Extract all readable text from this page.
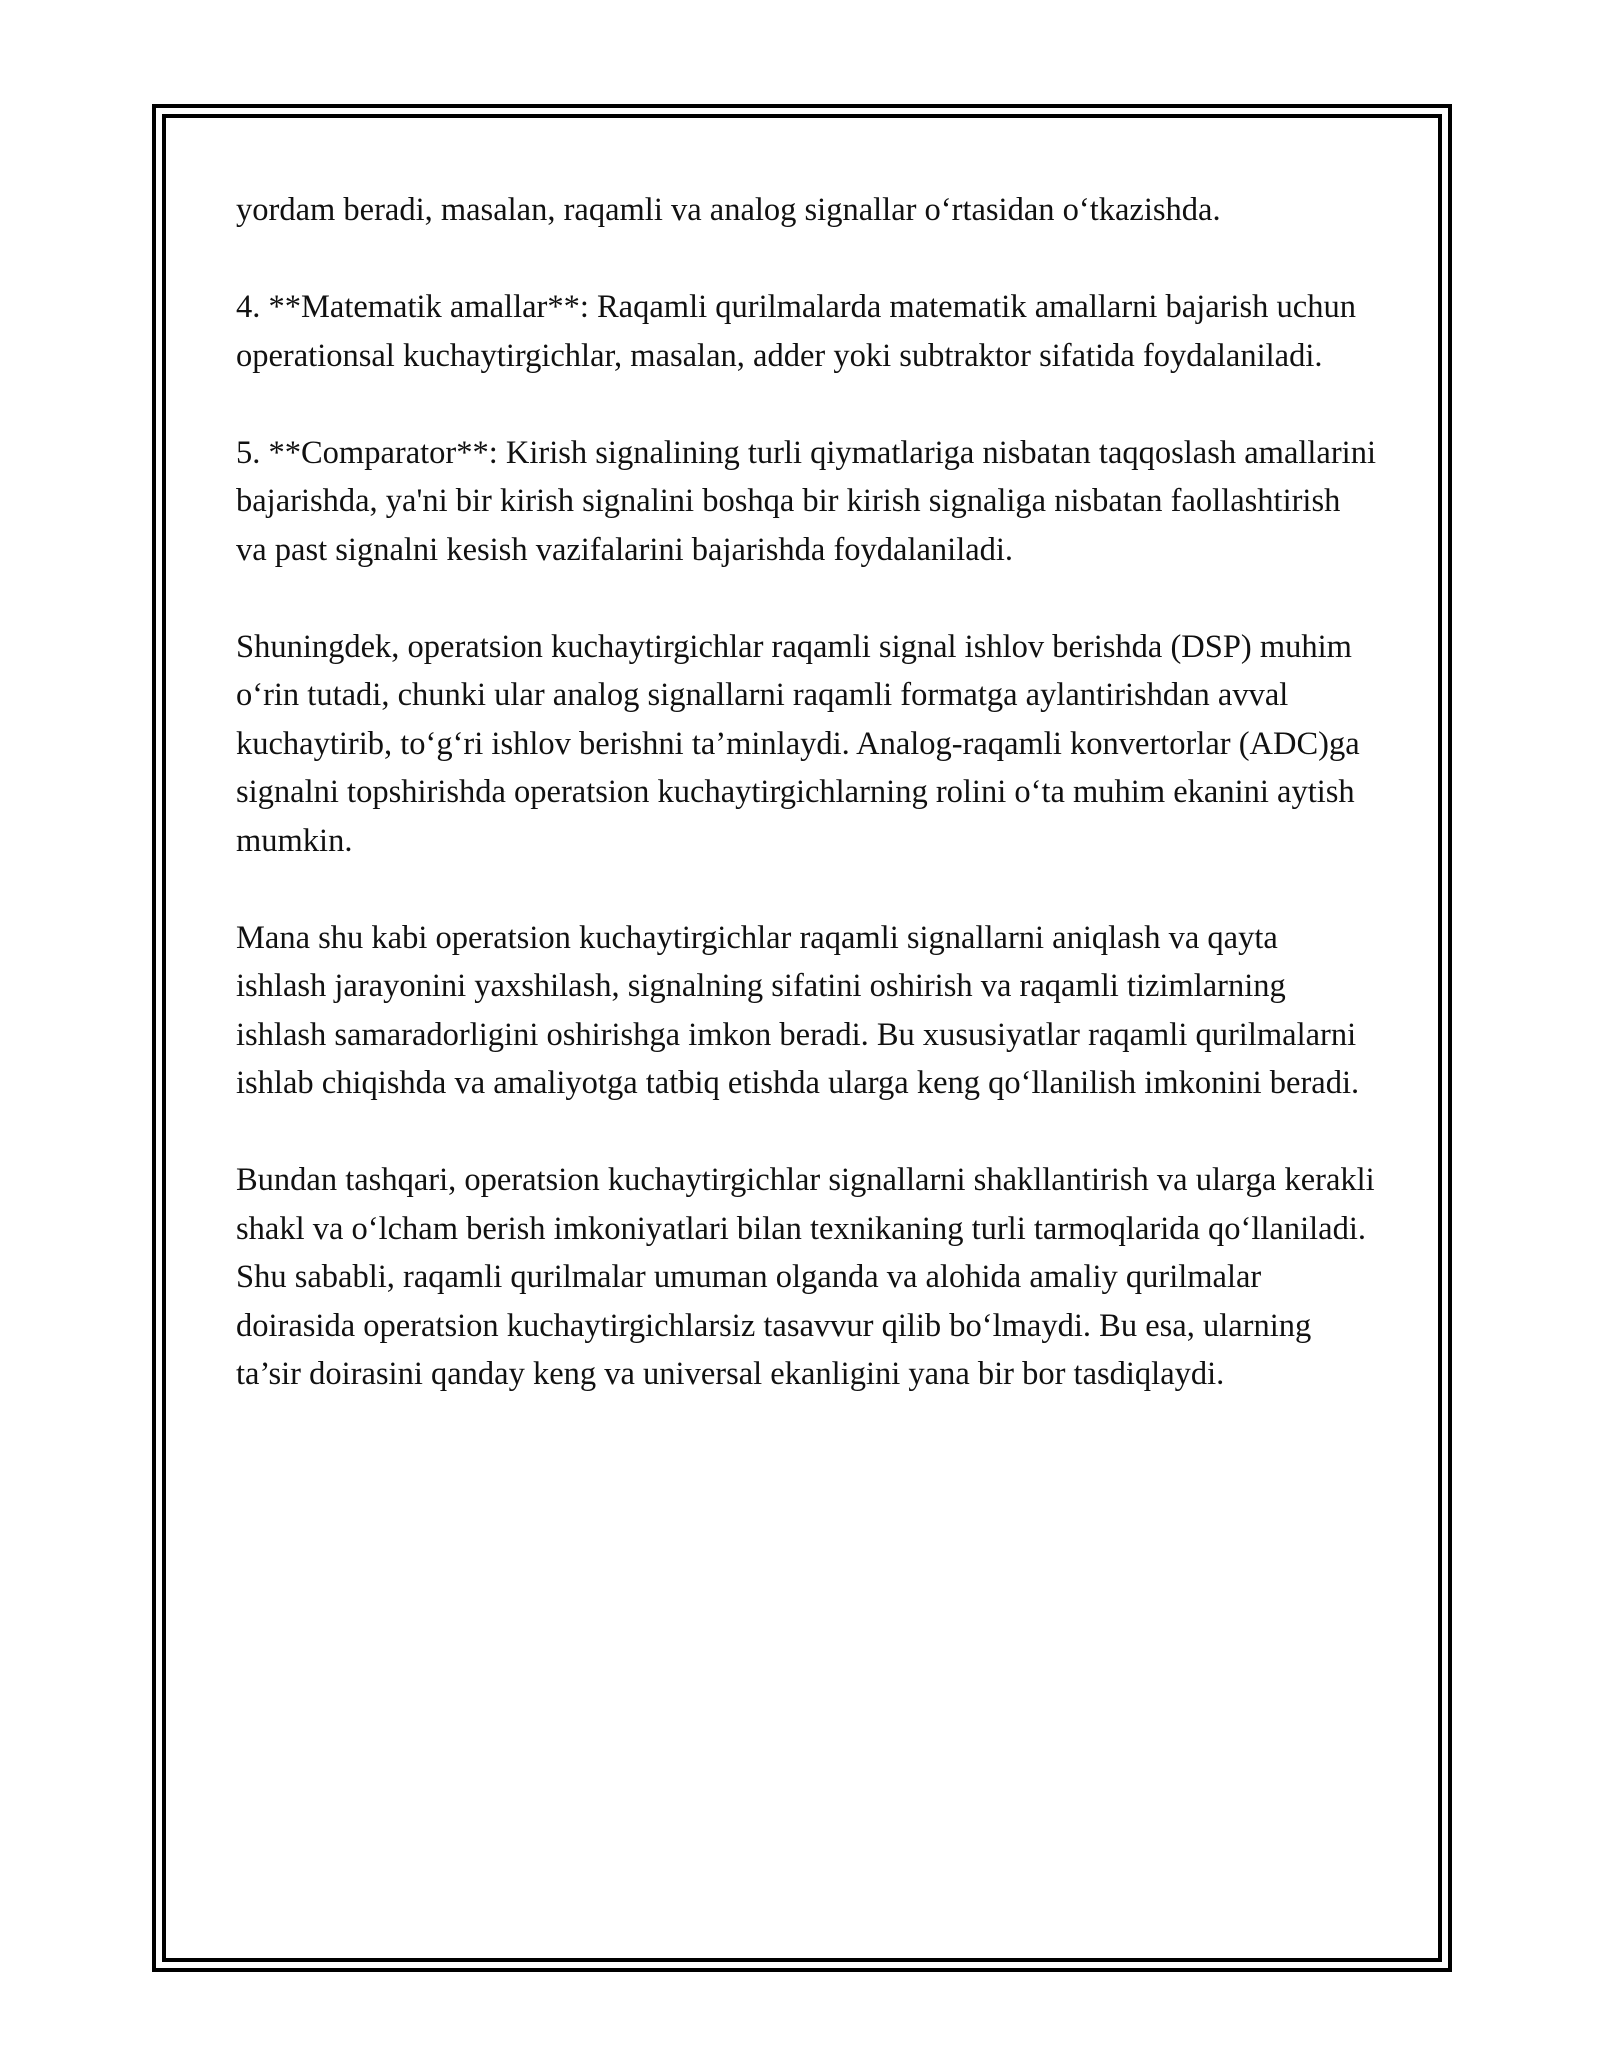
yordam beradi, masalan, raqamli va analog signallar o‘rtasidan o‘tkazishda.

4. **Matematik amallar**: Raqamli qurilmalarda matematik amallarni bajarish uchun operationsal kuchaytirgichlar, masalan, adder yoki subtraktor sifatida foydalaniladi.

5. **Comparator**: Kirish signalining turli qiymatlariga nisbatan taqqoslash amallarini bajarishda, ya'ni bir kirish signalini boshqa bir kirish signaliga nisbatan faollashtirish va past signalni kesish vazifalarini bajarishda foydalaniladi.

Shuningdek, operatsion kuchaytirgichlar raqamli signal ishlov berishda (DSP) muhim o‘rin tutadi, chunki ular analog signallarni raqamli formatga aylantirishdan avval kuchaytirib, to‘g‘ri ishlov berishni ta’minlaydi. Analog-raqamli konvertorlar (ADC)ga signalni topshirishda operatsion kuchaytirgichlarning rolini o‘ta muhim ekanini aytish mumkin.

Mana shu kabi operatsion kuchaytirgichlar raqamli signallarni aniqlash va qayta ishlash jarayonini yaxshilash, signalning sifatini oshirish va raqamli tizimlarning ishlash samaradorligini oshirishga imkon beradi. Bu xususiyatlar raqamli qurilmalarni ishlab chiqishda va amaliyotga tatbiq etishda ularga keng qo‘llanilish imkonini beradi.

Bundan tashqari, operatsion kuchaytirgichlar signallarni shakllantirish va ularga kerakli shakl va o‘lcham berish imkoniyatlari bilan texnikaning turli tarmoqlarida qo‘llaniladi. Shu sababli, raqamli qurilmalar umuman olganda va alohida amaliy qurilmalar doirasida operatsion kuchaytirgichlarsiz tasavvur qilib bo‘lmaydi. Bu esa, ularning ta’sir doirasini qanday keng va universal ekanligini yana bir bor tasdiqlaydi.
